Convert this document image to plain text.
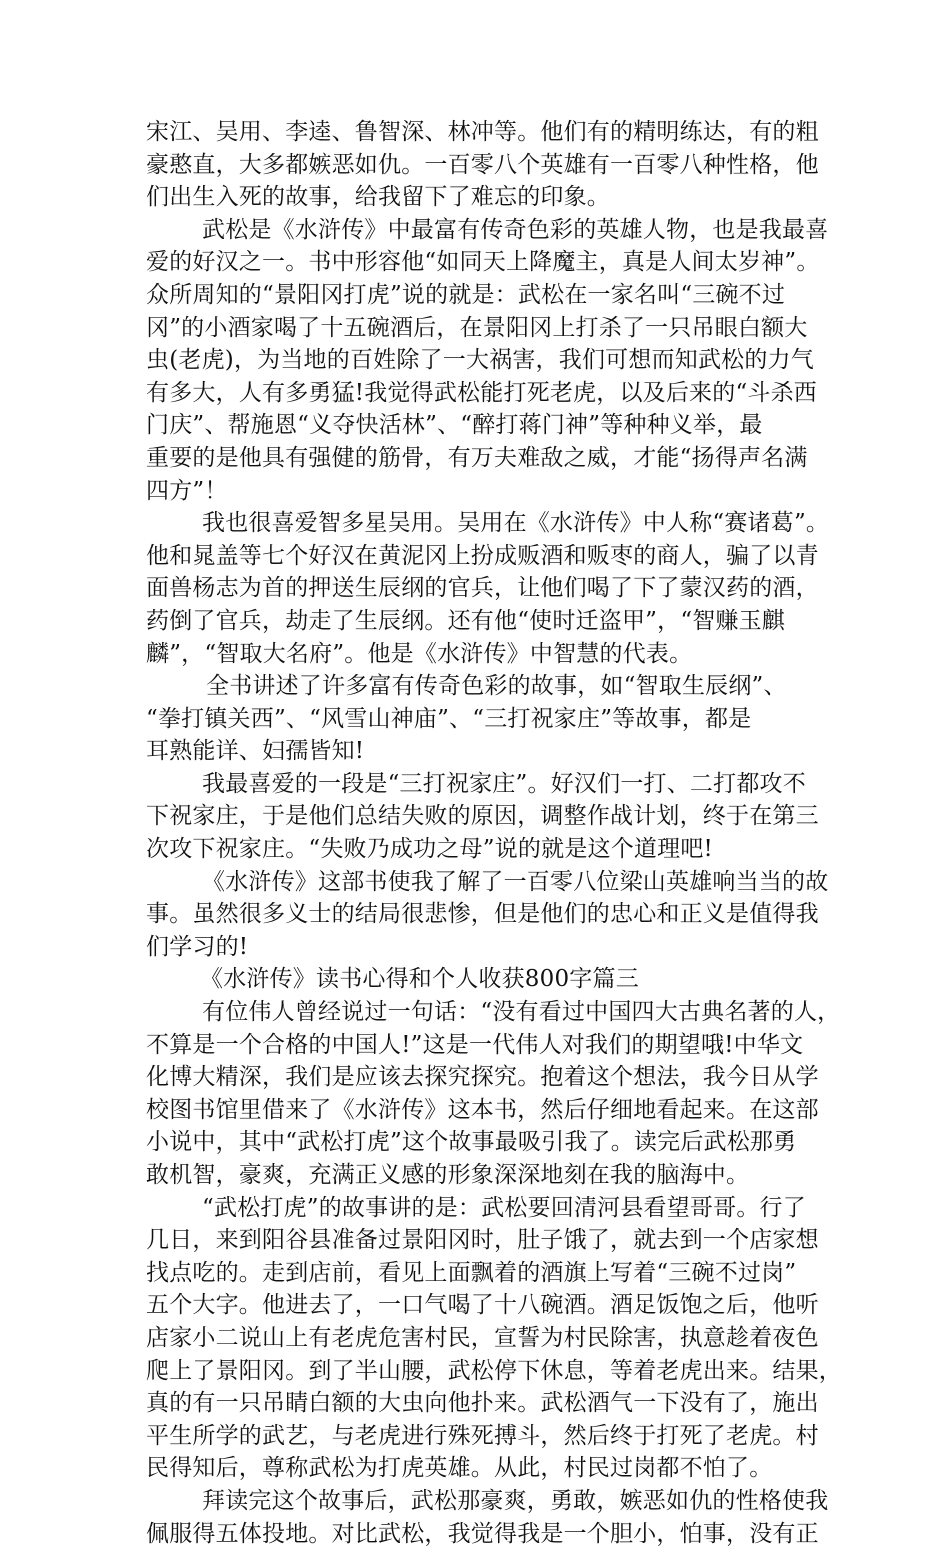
宋江、吴用、李逵、鲁智深、林冲等。他们有的精明练达，有的粗
豪憨直，大多都嫉恶如仇。一百零八个英雄有一百零八种性格，他
们出生入死的故事，给我留下了难忘的印象。
武松是《水浒传》中最富有传奇色彩的英雄人物，也是我最喜
爱的好汉之一。书中形容他“如同天上降魔主，真是人间太岁神”。
众所周知的“景阳冈打虎”说的就是：武松在一家名叫“三碗不过
冈”的小酒家喝了十五碗酒后，在景阳冈上打杀了一只吊眼白额大
虫(老虎)，为当地的百姓除了一大祸害，我们可想而知武松的力气
有多大，人有多勇猛!我觉得武松能打死老虎，以及后来的“斗杀西
门庆”、帮施恩“义夺快活林”、“醉打蒋门神”等种种义举，最
重要的是他具有强健的筋骨，有万夫难敌之威，才能“扬得声名满
四方”！
我也很喜爱智多星吴用。吴用在《水浒传》中人称“赛诸葛”。
他和晁盖等七个好汉在黄泥冈上扮成贩酒和贩枣的商人，骗了以青
面兽杨志为首的押送生辰纲的官兵，让他们喝了下了蒙汉药的酒，
药倒了官兵，劫走了生辰纲。还有他“使时迁盗甲”，“智赚玉麒
麟”，“智取大名府”。他是《水浒传》中智慧的代表。
全书讲述了许多富有传奇色彩的故事，如“智取生辰纲”、
“拳打镇关西”、“风雪山神庙”、“三打祝家庄”等故事，都是
耳熟能详、妇孺皆知!
我最喜爱的一段是“三打祝家庄”。好汉们一打、二打都攻不
下祝家庄，于是他们总结失败的原因，调整作战计划，终于在第三
次攻下祝家庄。“失败乃成功之母”说的就是这个道理吧!
《水浒传》这部书使我了解了一百零八位梁山英雄响当当的故
事。虽然很多义士的结局很悲惨，但是他们的忠心和正义是值得我
们学习的!
《水浒传》读书心得和个人收获800字篇三
有位伟人曾经说过一句话：“没有看过中国四大古典名著的人，
不算是一个合格的中国人!”这是一代伟人对我们的期望哦!中华文
化博大精深，我们是应该去探究探究。抱着这个想法，我今日从学
校图书馆里借来了《水浒传》这本书，然后仔细地看起来。在这部
小说中，其中“武松打虎”这个故事最吸引我了。读完后武松那勇
敢机智，豪爽，充满正义感的形象深深地刻在我的脑海中。
“武松打虎”的故事讲的是：武松要回清河县看望哥哥。行了
几日，来到阳谷县准备过景阳冈时，肚子饿了，就去到一个店家想
找点吃的。走到店前，看见上面飘着的酒旗上写着“三碗不过岗”
五个大字。他进去了，一口气喝了十八碗酒。酒足饭饱之后，他听
店家小二说山上有老虎危害村民，宣誓为村民除害，执意趁着夜色
爬上了景阳冈。到了半山腰，武松停下休息，等着老虎出来。结果，
真的有一只吊睛白额的大虫向他扑来。武松酒气一下没有了，施出
平生所学的武艺，与老虎进行殊死搏斗，然后终于打死了老虎。村
民得知后，尊称武松为打虎英雄。从此，村民过岗都不怕了。
拜读完这个故事后，武松那豪爽，勇敢，嫉恶如仇的性格使我
佩服得五体投地。对比武松，我觉得我是一个胆小，怕事，没有正
